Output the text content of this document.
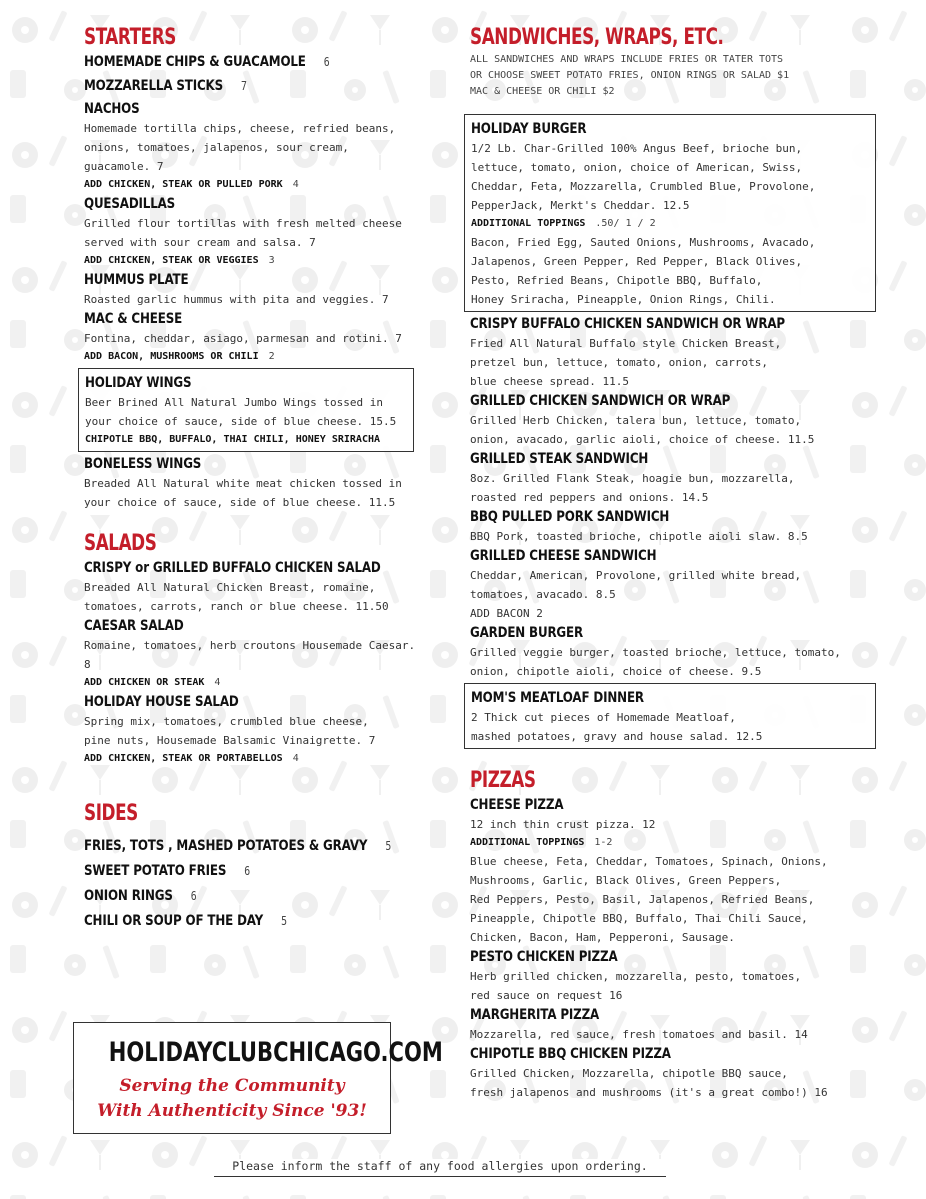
STARTERS
HOMEMADE CHIPS & GUACAMOLE 6
MOZZARELLA STICKS 7
NACHOS
Homemade tortilla chips, cheese, refried beans,
onions, tomatoes, jalapenos, sour cream,
guacamole. 7
ADD CHICKEN, STEAK OR PULLED PORK 4
QUESADILLAS
Grilled flour tortillas with fresh melted cheese
served with sour cream and salsa. 7
ADD CHICKEN, STEAK OR VEGGIES 3
HUMMUS PLATE
Roasted garlic hummus with pita and veggies. 7
MAC & CHEESE
Fontina, cheddar, asiago, parmesan and rotini. 7
ADD BACON, MUSHROOMS OR CHILI 2
HOLIDAY WINGS
Beer Brined All Natural Jumbo Wings tossed in
your choice of sauce, side of blue cheese. 15.5
CHIPOTLE BBQ, BUFFALO, THAI CHILI, HONEY SRIRACHA
BONELESS WINGS
Breaded All Natural white meat chicken tossed in
your choice of sauce, side of blue cheese. 11.5
SALADS
CRISPY or GRILLED BUFFALO CHICKEN SALAD
Breaded All Natural Chicken Breast, romaine,
tomatoes, carrots, ranch or blue cheese. 11.50
CAESAR SALAD
Romaine, tomatoes, herb croutons Housemade Caesar. 8
ADD CHICKEN OR STEAK 4
HOLIDAY HOUSE SALAD
Spring mix, tomatoes, crumbled blue cheese,
pine nuts, Housemade Balsamic Vinaigrette. 7
ADD CHICKEN, STEAK OR PORTABELLOS 4
SIDES
FRIES, TOTS , MASHED POTATOES & GRAVY 5
SWEET POTATO FRIES 6
ONION RINGS 6
CHILI OR SOUP OF THE DAY 5
HOLIDAYCLUBCHICAGO.COM
Serving the Community
With Authenticity Since '93!
SANDWICHES, WRAPS, ETC.
ALL SANDWICHES AND WRAPS INCLUDE FRIES OR TATER TOTS
OR CHOOSE SWEET POTATO FRIES, ONION RINGS OR SALAD $1
MAC & CHEESE OR CHILI $2
HOLIDAY BURGER
1/2 Lb. Char-Grilled 100% Angus Beef, brioche bun,
lettuce, tomato, onion, choice of American, Swiss,
Cheddar, Feta, Mozzarella, Crumbled Blue, Provolone,
PepperJack, Merkt's Cheddar. 12.5
ADDITIONAL TOPPINGS .50/ 1 / 2
Bacon, Fried Egg, Sauted Onions, Mushrooms, Avacado,
Jalapenos, Green Pepper, Red Pepper, Black Olives,
Pesto, Refried Beans, Chipotle BBQ, Buffalo,
Honey Sriracha, Pineapple, Onion Rings, Chili.
CRISPY BUFFALO CHICKEN SANDWICH OR WRAP
Fried All Natural Buffalo style Chicken Breast,
pretzel bun, lettuce, tomato, onion, carrots,
blue cheese spread. 11.5
GRILLED CHICKEN SANDWICH OR WRAP
Grilled Herb Chicken, talera bun, lettuce, tomato,
onion, avacado, garlic aioli, choice of cheese. 11.5
GRILLED STEAK SANDWICH
8oz. Grilled Flank Steak, hoagie bun, mozzarella,
roasted red peppers and onions. 14.5
BBQ PULLED PORK SANDWICH
BBQ Pork, toasted brioche, chipotle aioli slaw. 8.5
GRILLED CHEESE SANDWICH
Cheddar, American, Provolone, grilled white bread,
tomatoes, avacado. 8.5
ADD BACON 2
GARDEN BURGER
Grilled veggie burger, toasted brioche, lettuce, tomato,
onion, chipotle aioli, choice of cheese. 9.5
MOM'S MEATLOAF DINNER
2 Thick cut pieces of Homemade Meatloaf,
mashed potatoes, gravy and house salad. 12.5
PIZZAS
CHEESE PIZZA
12 inch thin crust pizza. 12
ADDITIONAL TOPPINGS 1-2
Blue cheese, Feta, Cheddar, Tomatoes, Spinach, Onions,
Mushrooms, Garlic, Black Olives, Green Peppers,
Red Peppers, Pesto, Basil, Jalapenos, Refried Beans,
Pineapple, Chipotle BBQ, Buffalo, Thai Chili Sauce,
Chicken, Bacon, Ham, Pepperoni, Sausage.
PESTO CHICKEN PIZZA
Herb grilled chicken, mozzarella, pesto, tomatoes,
red sauce on request 16
MARGHERITA PIZZA
Mozzarella, red sauce, fresh tomatoes and basil. 14
CHIPOTLE BBQ CHICKEN PIZZA
Grilled Chicken, Mozzarella, chipotle BBQ sauce,
fresh jalapenos and mushrooms (it's a great combo!) 16
Please inform the staff of any food allergies upon ordering.
